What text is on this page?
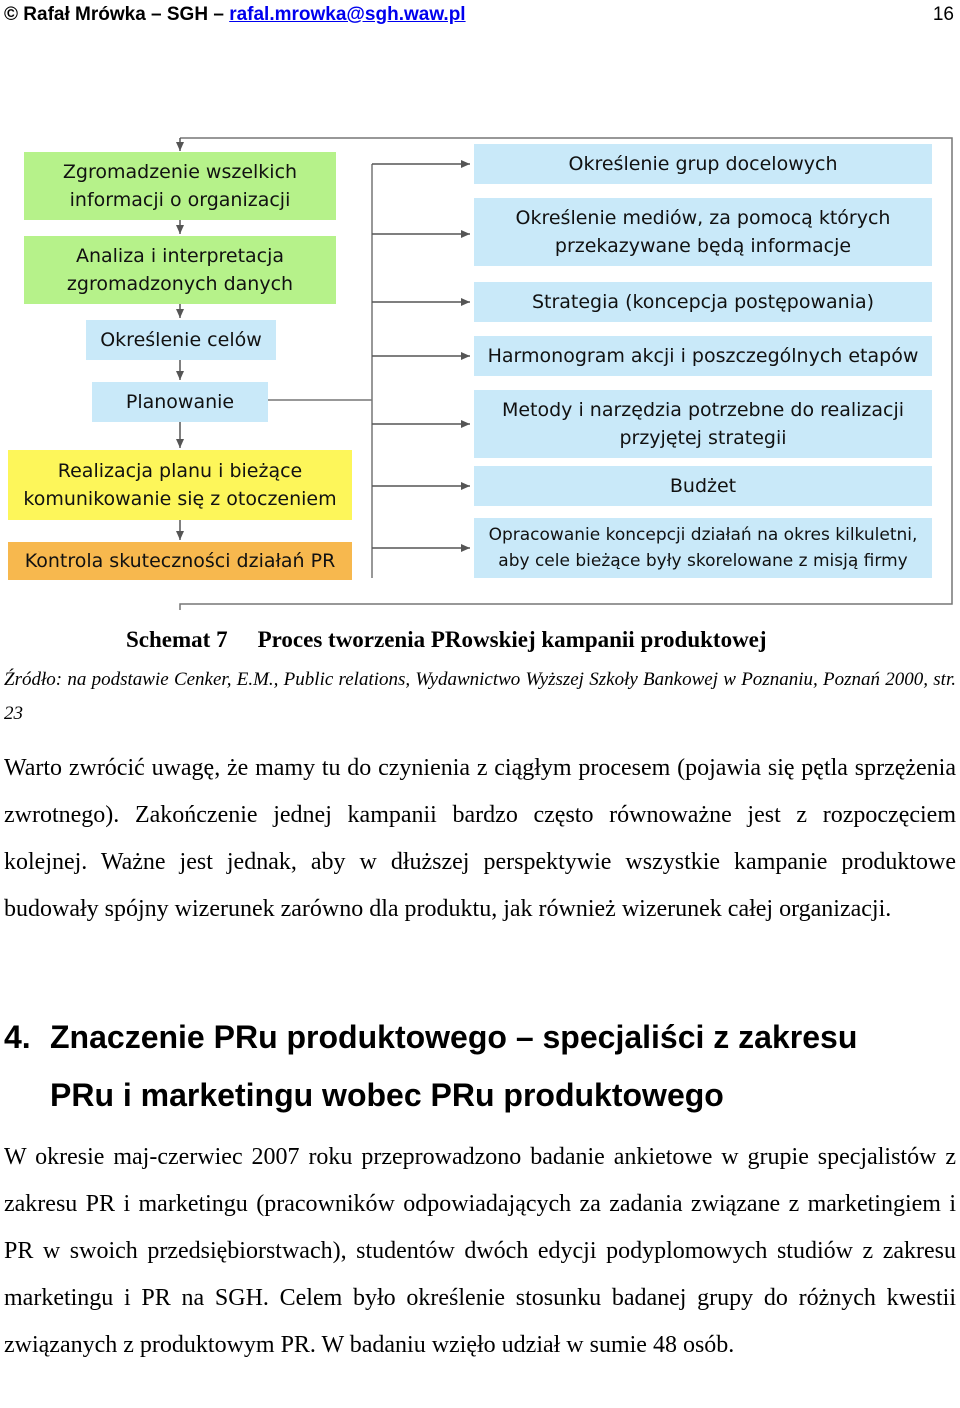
© Rafał Mrówka – SGH – rafal.mrowka@sgh.waw.pl	16
Zgromadzenie wszelkich informacji o organizacji
Analiza i interpretacja zgromadzonych danych
Określenie celów
Planowanie
Realizacja planu i bieżące komunikowanie się z otoczeniem
Kontrola skuteczności działań PR
Określenie grup docelowych
Określenie mediów, za pomocą których przekazywane będą informacje
Strategia (koncepcja postępowania)
Harmonogram akcji i poszczególnych etapów
Metody i narzędzia potrzebne do realizacji przyjętej strategii
Budżet
Opracowanie koncepcji działań na okres kilkuletni, aby cele bieżące były skorelowane z misją firmy
Schemat 7 Proces tworzenia PRowskiej kampanii produktowej
Źródło: na podstawie Cenker, E.M., Public relations, Wydawnictwo Wyższej Szkoły Bankowej w Poznaniu, Poznań 2000, str. 23
Warto zwrócić uwagę, że mamy tu do czynienia z ciągłym procesem (pojawia się pętla sprzężenia zwrotnego). Zakończenie jednej kampanii bardzo często równoważne jest z rozpoczęciem kolejnej. Ważne jest jednak, aby w dłuższej perspektywie wszystkie kampanie produktowe budowały spójny wizerunek zarówno dla produktu, jak również wizerunek całej organizacji.
4. Znaczenie PRu produktowego – specjaliści z zakresu
PRu i marketingu wobec PRu produktowego
W okresie maj-czerwiec 2007 roku przeprowadzono badanie ankietowe w grupie specjalistów z zakresu PR i marketingu (pracowników odpowiadających za zadania związane z marketingiem i PR w swoich przedsiębiorstwach), studentów dwóch edycji podyplomowych studiów z zakresu marketingu i PR na SGH. Celem było określenie stosunku badanej grupy do różnych kwestii związanych z produktowym PR. W badaniu wzięło udział w sumie 48 osób.
